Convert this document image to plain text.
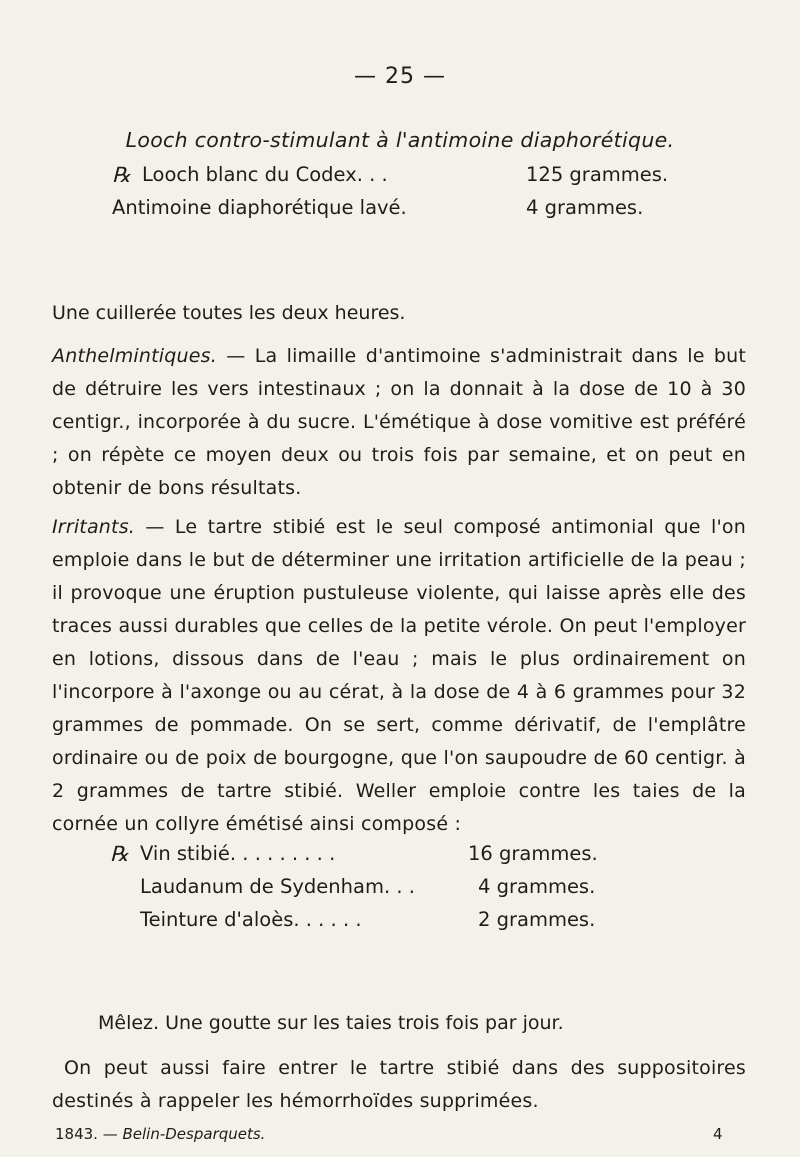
— 25 —
Looch contro-stimulant à l'antimoine diaphorétique.
℞ Looch blanc du Codex. . .	125 grammes.
Antimoine diaphorétique lavé.	4 grammes.
Une cuillerée toutes les deux heures.

Anthelmintiques. — La limaille d'antimoine s'administrait dans le but de détruire les vers intestinaux ; on la donnait à la dose de 10 à 30 centigr., incorporée à du sucre. L'émétique à dose vomitive est préféré ; on répète ce moyen deux ou trois fois par semaine, et on peut en obtenir de bons résultats.

Irritants. — Le tartre stibié est le seul composé antimonial que l'on emploie dans le but de déterminer une irritation artificielle de la peau ; il provoque une éruption pustuleuse violente, qui laisse après elle des traces aussi durables que celles de la petite vérole. On peut l'employer en lotions, dissous dans de l'eau ; mais le plus ordinairement on l'incorpore à l'axonge ou au cérat, à la dose de 4 à 6 grammes pour 32 grammes de pommade. On se sert, comme dérivatif, de l'emplâtre ordinaire ou de poix de bourgogne, que l'on saupoudre de 60 centigr. à 2 grammes de tartre stibié. Weller emploie contre les taies de la cornée un collyre émétisé ainsi composé :

℞ Vin stibié. . . . . . . . .	16 grammes.
Laudanum de Sydenham. . .	4 grammes.
Teinture d'aloès. . . . . .	2 grammes.
Mêlez. Une goutte sur les taies trois fois par jour.

On peut aussi faire entrer le tartre stibié dans des suppositoires destinés à rappeler les hémorrhoïdes supprimées.

1843. — Belin-Desparquets.	4
